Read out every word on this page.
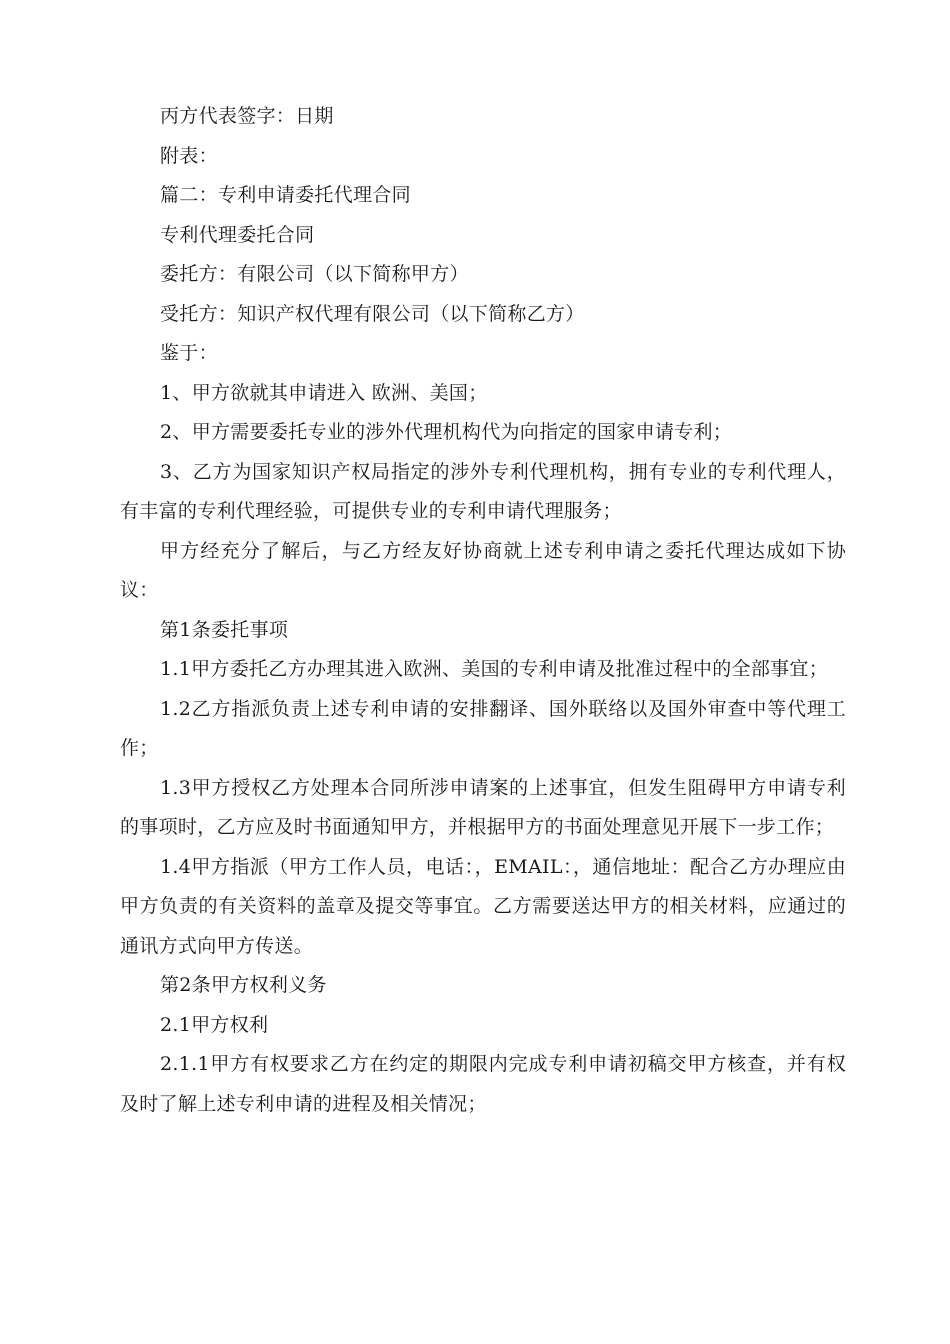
丙方代表签字：日期

附表：

篇二：专利申请委托代理合同

专利代理委托合同

委托方：有限公司（以下简称甲方）

受托方：知识产权代理有限公司（以下简称乙方）

鉴于：

1、甲方欲就其申请进入 欧洲、美国；

2、甲方需要委托专业的涉外代理机构代为向指定的国家申请专利；

3、乙方为国家知识产权局指定的涉外专利代理机构，拥有专业的专利代理人，有丰富的专利代理经验，可提供专业的专利申请代理服务；

甲方经充分了解后，与乙方经友好协商就上述专利申请之委托代理达成如下协议：

第1条委托事项

1.1甲方委托乙方办理其进入欧洲、美国的专利申请及批准过程中的全部事宜；

1.2乙方指派负责上述专利申请的安排翻译、国外联络以及国外审查中等代理工作；

1.3甲方授权乙方处理本合同所涉申请案的上述事宜，但发生阻碍甲方申请专利的事项时，乙方应及时书面通知甲方，并根据甲方的书面处理意见开展下一步工作；

1.4甲方指派（甲方工作人员，电话：，EMAIL：，通信地址：配合乙方办理应由甲方负责的有关资料的盖章及提交等事宜。乙方需要送达甲方的相关材料，应通过的通讯方式向甲方传送。

第2条甲方权利义务

2.1甲方权利

2.1.1甲方有权要求乙方在约定的期限内完成专利申请初稿交甲方核查，并有权及时了解上述专利申请的进程及相关情况；
